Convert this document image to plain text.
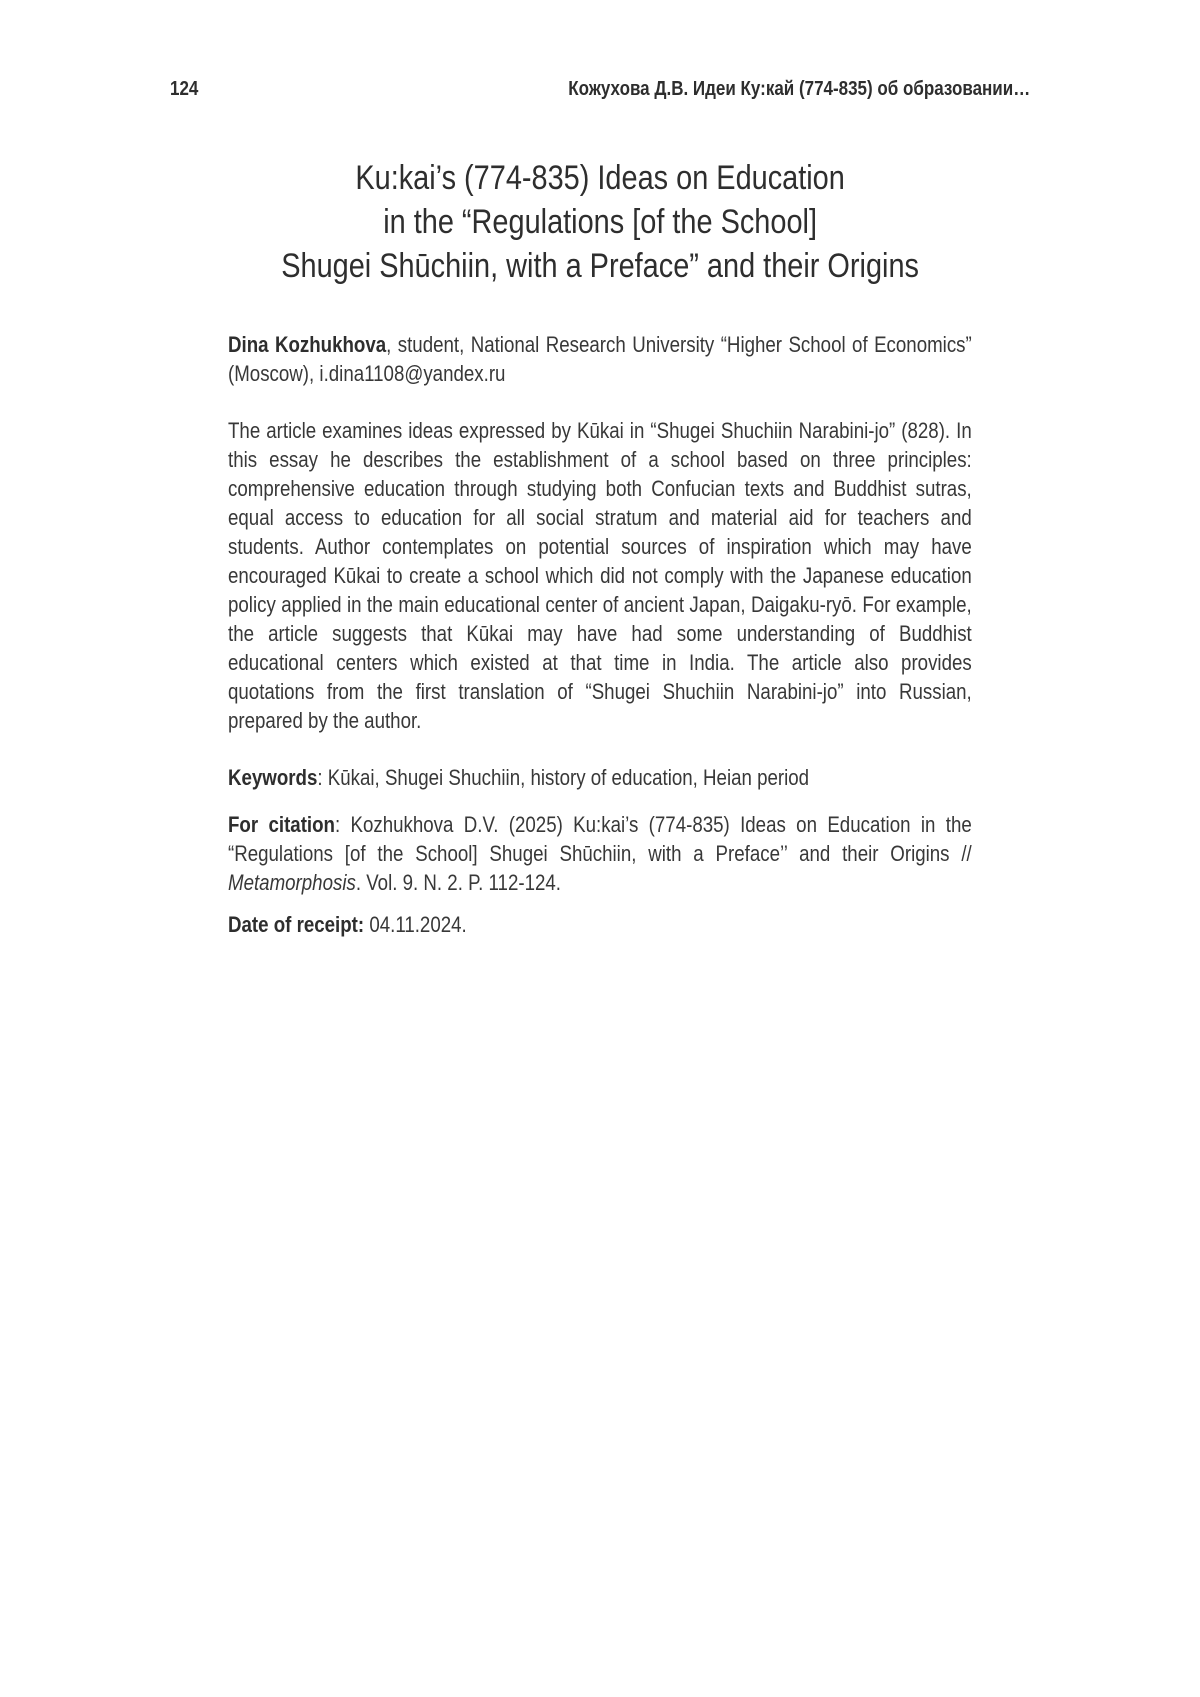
124	Кожухова Д.В. Идеи Ку:кай (774-835) об образовании…
Ku:kai’s (774-835) Ideas on Education
in the “Regulations [of the School]
Shugei Shūchiin, with a Preface” and their Origins

Dina Kozhukhova, student, National Research University “Higher School of Economics” (Moscow), i.dina1108@yandex.ru

The article examines ideas expressed by Kūkai in “Shugei Shuchiin Narabini-jo” (828). In this essay he describes the establishment of a school based on three principles: comprehensive education through studying both Confucian texts and Buddhist sutras, equal access to education for all social stratum and material aid for teachers and students. Author contemplates on potential sources of inspiration which may have encouraged Kūkai to create a school which did not comply with the Japanese education policy applied in the main educational center of ancient Japan, Daigaku-ryō. For example, the article suggests that Kūkai may have had some understanding of Buddhist educational centers which existed at that time in India. The article also provides quotations from the first translation of “Shugei Shuchiin Narabini-jo” into Russian, prepared by the author.

Keywords: Kūkai, Shugei Shuchiin, history of education, Heian period

For citation: Kozhukhova D.V. (2025) Ku:kai’s (774-835) Ideas on Education in the “Regulations [of the School] Shugei Shūchiin, with a Preface’’ and their Origins // Metamorphosis. Vol. 9. N. 2. P. 112-124.

Date of receipt: 04.11.2024.
